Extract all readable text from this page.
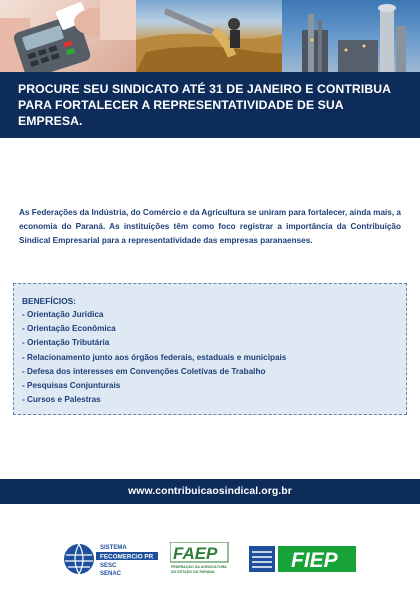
PROCURE SEU SINDICATO ATÉ 31 DE JANEIRO E CONTRIBUA
PARA FORTALECER A REPRESENTATIVIDADE DE SUA EMPRESA.

As Federações da Indústria, do Comércio e da Agricultura se uniram para fortalecer, ainda mais, a economia do Paraná. As instituições têm como foco registrar a importância da Contribuição Sindical Empresarial para a representatividade das empresas paranaenses.

BENEFÍCIOS:
- Orientação Jurídica
- Orientação Econômica
- Orientação Tributária
- Relacionamento junto aos órgãos federais, estaduais e municipais
- Defesa dos interesses em Convenções Coletivas de Trabalho
- Pesquisas Conjunturais
- Cursos e Palestras
www.contribuicaosindical.org.br
SISTEMA
FECOMERCIO PR
SESC
SENAC
FAEP
FEDERAÇÃO DA AGRICULTURA
DO ESTADO DO PARANÁ	FIEP
